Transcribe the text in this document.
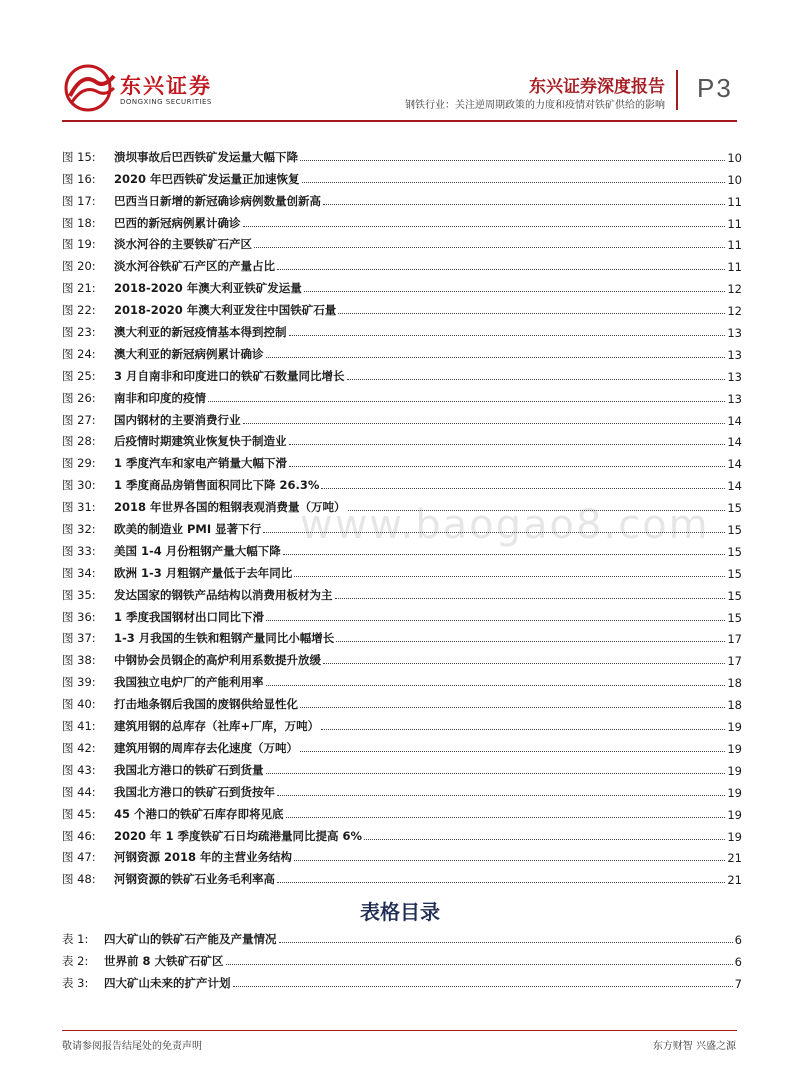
东兴证券
DONGXING SECURITIES
东兴证券深度报告
钢铁行业：关注逆周期政策的力度和疫情对铁矿供给的影响
P3
www.baogao8.com
图 15:	溃坝事故后巴西铁矿发运量大幅下降	10
图 16:	2020 年巴西铁矿发运量正加速恢复	10
图 17:	巴西当日新增的新冠确诊病例数量创新高	11
图 18:	巴西的新冠病例累计确诊	11
图 19:	淡水河谷的主要铁矿石产区	11
图 20:	淡水河谷铁矿石产区的产量占比	11
图 21:	2018-2020 年澳大利亚铁矿发运量	12
图 22:	2018-2020 年澳大利亚发往中国铁矿石量	12
图 23:	澳大利亚的新冠疫情基本得到控制	13
图 24:	澳大利亚的新冠病例累计确诊	13
图 25:	3 月自南非和印度进口的铁矿石数量同比增长	13
图 26:	南非和印度的疫情	13
图 27:	国内钢材的主要消费行业	14
图 28:	后疫情时期建筑业恢复快于制造业	14
图 29:	1 季度汽车和家电产销量大幅下滑	14
图 30:	1 季度商品房销售面积同比下降 26.3%	14
图 31:	2018 年世界各国的粗钢表观消费量（万吨）	15
图 32:	欧美的制造业 PMI 显著下行	15
图 33:	美国 1-4 月份粗钢产量大幅下降	15
图 34:	欧洲 1-3 月粗钢产量低于去年同比	15
图 35:	发达国家的钢铁产品结构以消费用板材为主	15
图 36:	1 季度我国钢材出口同比下滑	15
图 37:	1-3 月我国的生铁和粗钢产量同比小幅增长	17
图 38:	中钢协会员钢企的高炉利用系数提升放缓	17
图 39:	我国独立电炉厂的产能利用率	18
图 40:	打击地条钢后我国的废钢供给显性化	18
图 41:	建筑用钢的总库存（社库+厂库，万吨）	19
图 42:	建筑用钢的周库存去化速度（万吨）	19
图 43:	我国北方港口的铁矿石到货量	19
图 44:	我国北方港口的铁矿石到货按年	19
图 45:	45 个港口的铁矿石库存即将见底	19
图 46:	2020 年 1 季度铁矿石日均疏港量同比提高 6%	19
图 47:	河钢资源 2018 年的主营业务结构	21
图 48:	河钢资源的铁矿石业务毛利率高	21
表格目录
表 1:	四大矿山的铁矿石产能及产量情况	6
表 2:	世界前 8 大铁矿石矿区	6
表 3:	四大矿山未来的扩产计划	7
敬请参阅报告结尾处的免责声明	东方财智 兴盛之源
